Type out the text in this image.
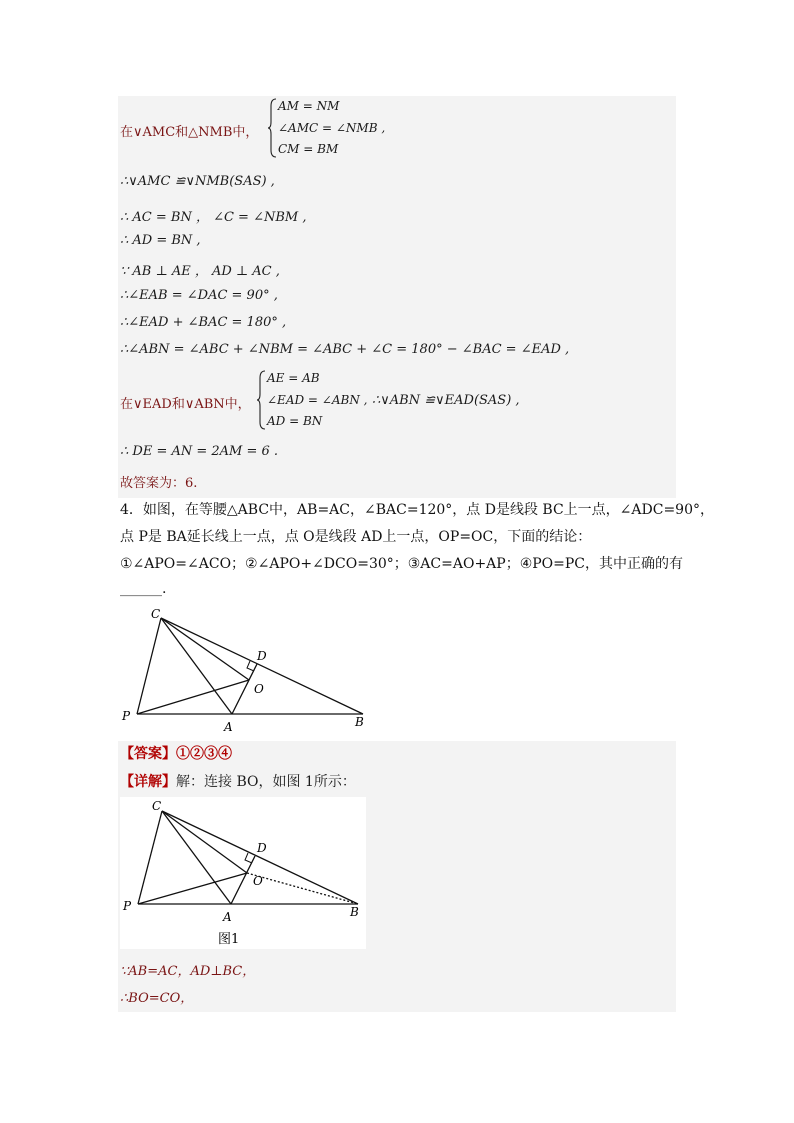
在∨AMC和△NMB中，
AM = NM
∠AMC = ∠NMB ,
CM = BM
∴∨AMC ≌∨NMB(SAS) ,
∴ AC = BN ， ∠C = ∠NBM ,
∴ AD = BN ,
∵ AB ⊥ AE ， AD ⊥ AC ,
∴∠EAB = ∠DAC = 90° ,
∴∠EAD + ∠BAC = 180° ,
∴∠ABN = ∠ABC + ∠NBM = ∠ABC + ∠C = 180° − ∠BAC = ∠EAD ,
在∨EAD和∨ABN中，
AE = AB
∠EAD = ∠ABN ,
AD = BN
∴∨ABN ≌∨EAD(SAS) ,
∴ DE = AN = 2AM = 6 .
故答案为：6.
4．如图，在等腰△ABC中，AB=AC，∠BAC=120°，点 D是线段 BC上一点，∠ADC=90°，
点 P是 BA延长线上一点，点 O是线段 AD上一点，OP=OC，下面的结论：
①∠APO=∠ACO；②∠APO+∠DCO=30°；③AC=AO+AP；④PO=PC，其中正确的有
______.
C
D
O
P
A	B
【答案】①②③④
【详解】解：连接 BO，如图 1所示：
C
D
O
P
A	B
图1
∵AB=AC，AD⊥BC，
∴BO=CO，
